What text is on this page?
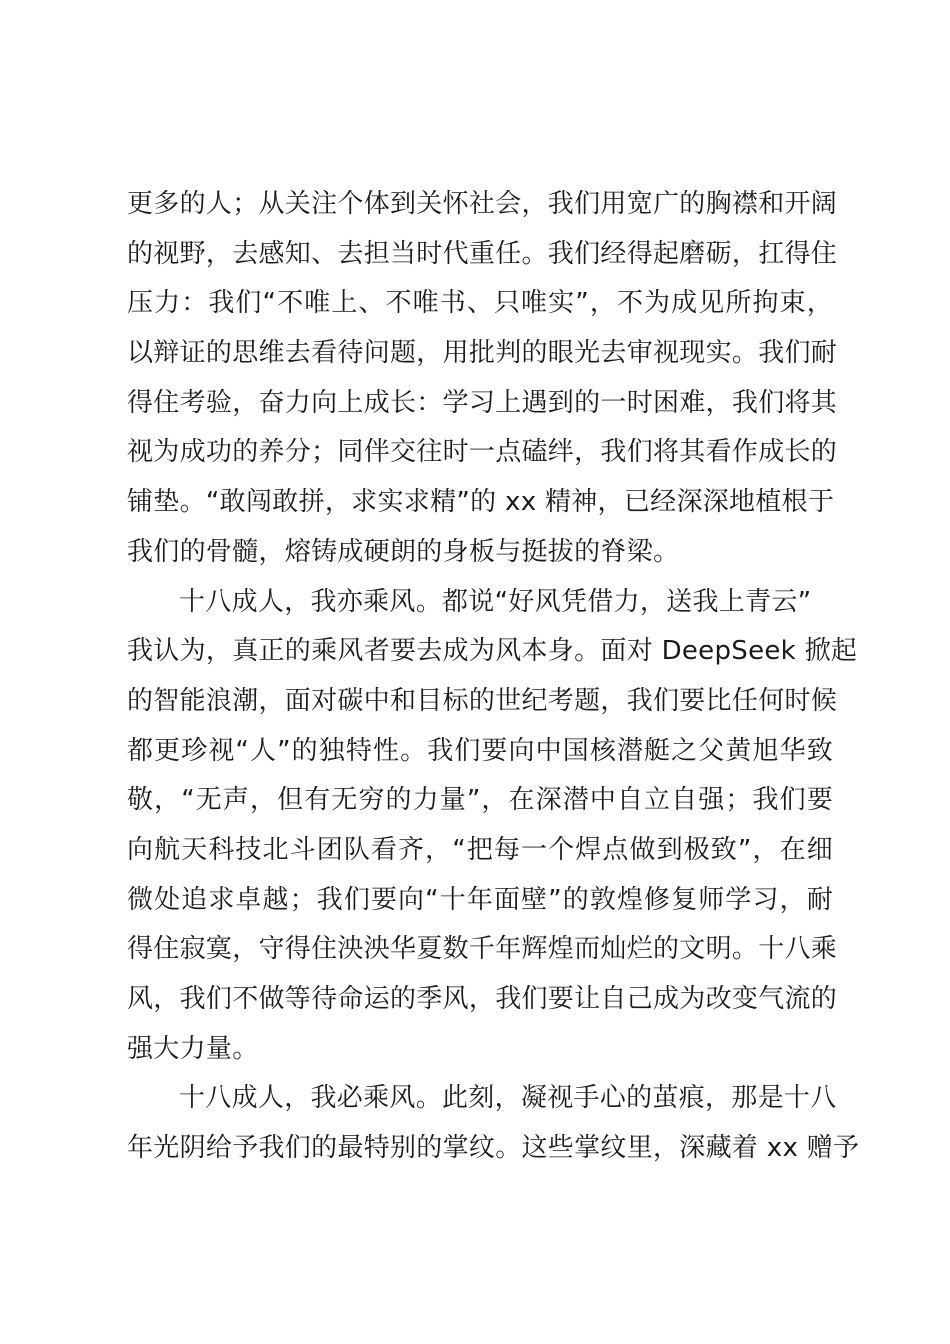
更多的人；从关注个体到关怀社会，我们用宽广的胸襟和开阔
的视野，去感知、去担当时代重任。我们经得起磨砺，扛得住
压力：我们“不唯上、不唯书、只唯实”，不为成见所拘束，
以辩证的思维去看待问题，用批判的眼光去审视现实。我们耐
得住考验，奋力向上成长：学习上遇到的一时困难，我们将其
视为成功的养分；同伴交往时一点磕绊，我们将其看作成长的
铺垫。“敢闯敢拼，求实求精”的 xx 精神，已经深深地植根于
我们的骨髓，熔铸成硬朗的身板与挺拔的脊梁。
十八成人，我亦乘风。都说“好风凭借力，送我上青云”
我认为，真正的乘风者要去成为风本身。面对 DeepSeek 掀起
的智能浪潮，面对碳中和目标的世纪考题，我们要比任何时候
都更珍视“人”的独特性。我们要向中国核潜艇之父黄旭华致
敬，“无声，但有无穷的力量”，在深潜中自立自强；我们要
向航天科技北斗团队看齐，“把每一个焊点做到极致”，在细
微处追求卓越；我们要向“十年面壁”的敦煌修复师学习，耐
得住寂寞，守得住泱泱华夏数千年辉煌而灿烂的文明。十八乘
风，我们不做等待命运的季风，我们要让自己成为改变气流的
强大力量。
十八成人，我必乘风。此刻，凝视手心的茧痕，那是十八
年光阴给予我们的最特别的掌纹。这些掌纹里，深藏着 xx 赠予
